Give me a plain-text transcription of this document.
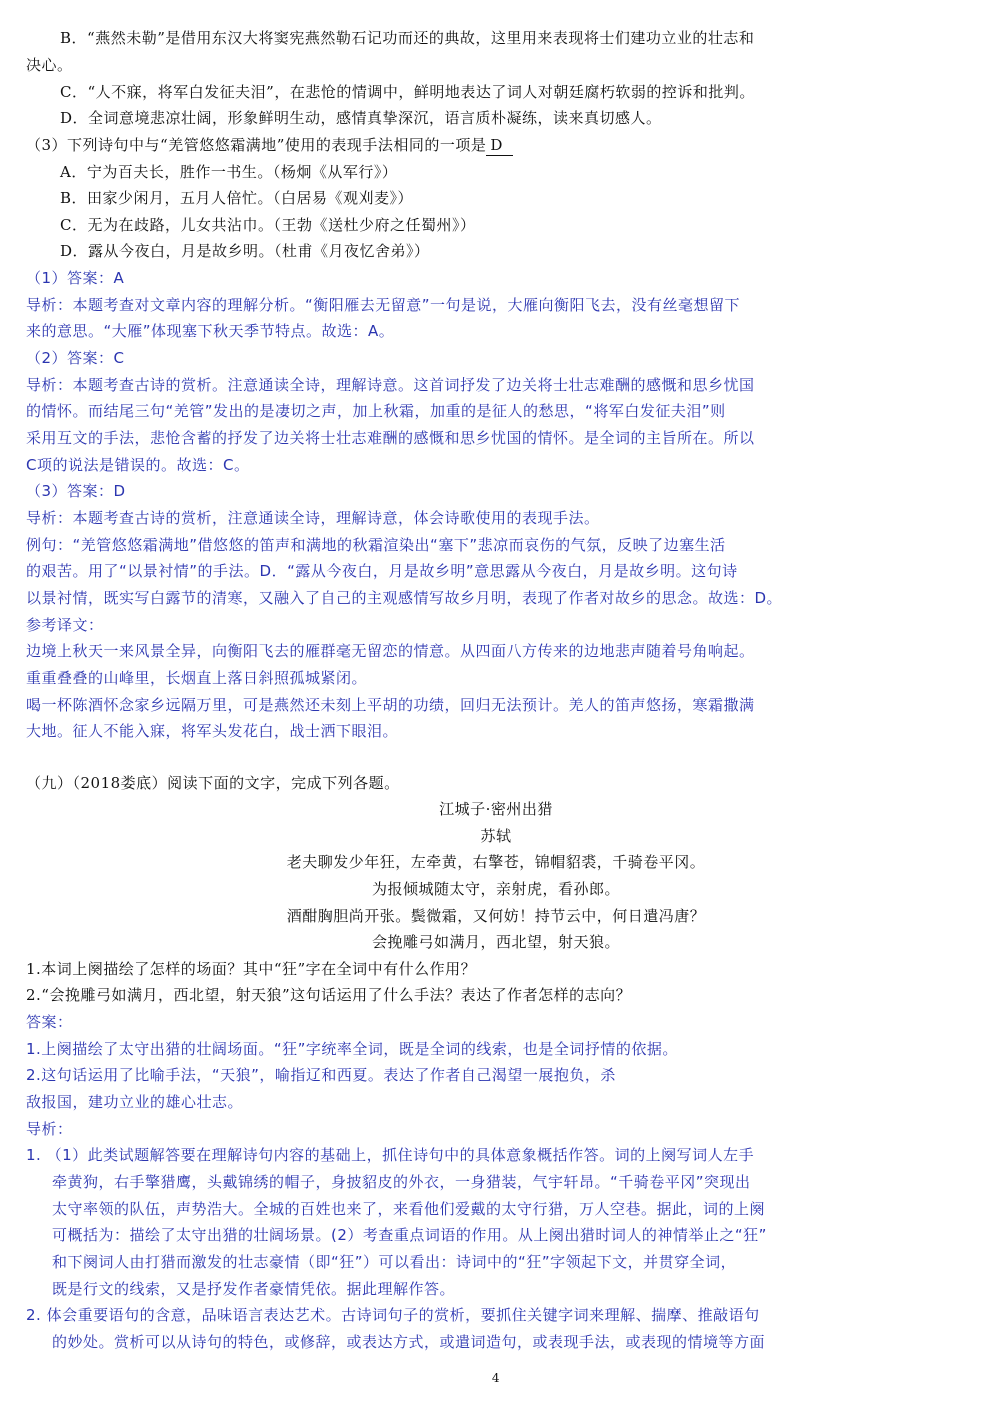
B．“燕然未勒”是借用东汉大将窦宪燕然勒石记功而还的典故，这里用来表现将士们建功立业的壮志和

决心。

C．“人不寐，将军白发征夫泪”，在悲怆的情调中，鲜明地表达了词人对朝廷腐朽软弱的控诉和批判。

D．全词意境悲凉壮阔，形象鲜明生动，感情真挚深沉，语言质朴凝练，读来真切感人。

（3）下列诗句中与“羌管悠悠霜满地”使用的表现手法相同的一项是 D

A．宁为百夫长，胜作一书生。（杨炯《从军行》）

B．田家少闲月，五月人倍忙。（白居易《观刈麦》）

C．无为在歧路，儿女共沾巾。（王勃《送杜少府之任蜀州》）

D．露从今夜白，月是故乡明。（杜甫《月夜忆舍弟》）

（1）答案：A

导析：本题考查对文章内容的理解分析。“衡阳雁去无留意”一句是说，大雁向衡阳飞去，没有丝毫想留下

来的意思。“大雁”体现塞下秋天季节特点。故选：A。

（2）答案：C

导析：本题考查古诗的赏析。注意通读全诗，理解诗意。这首词抒发了边关将士壮志难酬的感慨和思乡忧国

的情怀。而结尾三句“羌管”发出的是凄切之声，加上秋霜，加重的是征人的愁思，“将军白发征夫泪”则

采用互文的手法，悲怆含蓄的抒发了边关将士壮志难酬的感慨和思乡忧国的情怀。是全词的主旨所在。所以

C项的说法是错误的。故选：C。

（3）答案：D

导析：本题考查古诗的赏析，注意通读全诗，理解诗意，体会诗歌使用的表现手法。

例句：“羌管悠悠霜满地”借悠悠的笛声和满地的秋霜渲染出“塞下”悲凉而哀伤的气氛，反映了边塞生活

的艰苦。用了“以景衬情”的手法。D．“露从今夜白，月是故乡明”意思露从今夜白，月是故乡明。这句诗

以景衬情，既实写白露节的清寒，又融入了自己的主观感情写故乡月明，表现了作者对故乡的思念。故选：D。

参考译文：

边境上秋天一来风景全异，向衡阳飞去的雁群毫无留恋的情意。从四面八方传来的边地悲声随着号角响起。

重重叠叠的山峰里，长烟直上落日斜照孤城紧闭。

喝一杯陈酒怀念家乡远隔万里，可是燕然还未刻上平胡的功绩，回归无法预计。羌人的笛声悠扬，寒霜撒满

大地。征人不能入寐，将军头发花白，战士洒下眼泪。

（九）（2018娄底）阅读下面的文字，完成下列各题。

江城子·密州出猎

苏轼

老夫聊发少年狂，左牵黄，右擎苍，锦帽貂裘，千骑卷平冈。

为报倾城随太守，亲射虎，看孙郎。

酒酣胸胆尚开张。鬓微霜，又何妨！持节云中，何日遣冯唐？

会挽雕弓如满月，西北望，射天狼。

1.本词上阕描绘了怎样的场面？其中“狂”字在全词中有什么作用？

2.“会挽雕弓如满月，西北望，射天狼”这句话运用了什么手法？表达了作者怎样的志向？

答案：

1.上阕描绘了太守出猎的壮阔场面。“狂”字统率全词，既是全词的线索，也是全词抒情的依据。

2.这句话运用了比喻手法，“天狼”，喻指辽和西夏。表达了作者自己渴望一展抱负，杀

敌报国，建功立业的雄心壮志。

导析：

1. （1）此类试题解答要在理解诗句内容的基础上，抓住诗句中的具体意象概括作答。词的上阕写词人左手

牵黄狗，右手擎猎鹰，头戴锦绣的帽子，身披貂皮的外衣，一身猎装，气宇轩昂。“千骑卷平冈”突现出

太守率领的队伍，声势浩大。全城的百姓也来了，来看他们爱戴的太守行猎，万人空巷。据此，词的上阕

可概括为：描绘了太守出猎的壮阔场景。(2）考查重点词语的作用。从上阕出猎时词人的神情举止之“狂”

和下阕词人由打猎而激发的壮志豪情（即“狂”）可以看出：诗词中的“狂”字领起下文，并贯穿全词，

既是行文的线索，又是抒发作者豪情凭依。据此理解作答。

2. 体会重要语句的含意，品味语言表达艺术。古诗词句子的赏析，要抓住关键字词来理解、揣摩、推敲语句

的妙处。赏析可以从诗句的特色，或修辞，或表达方式，或遣词造句，或表现手法，或表现的情境等方面

4
